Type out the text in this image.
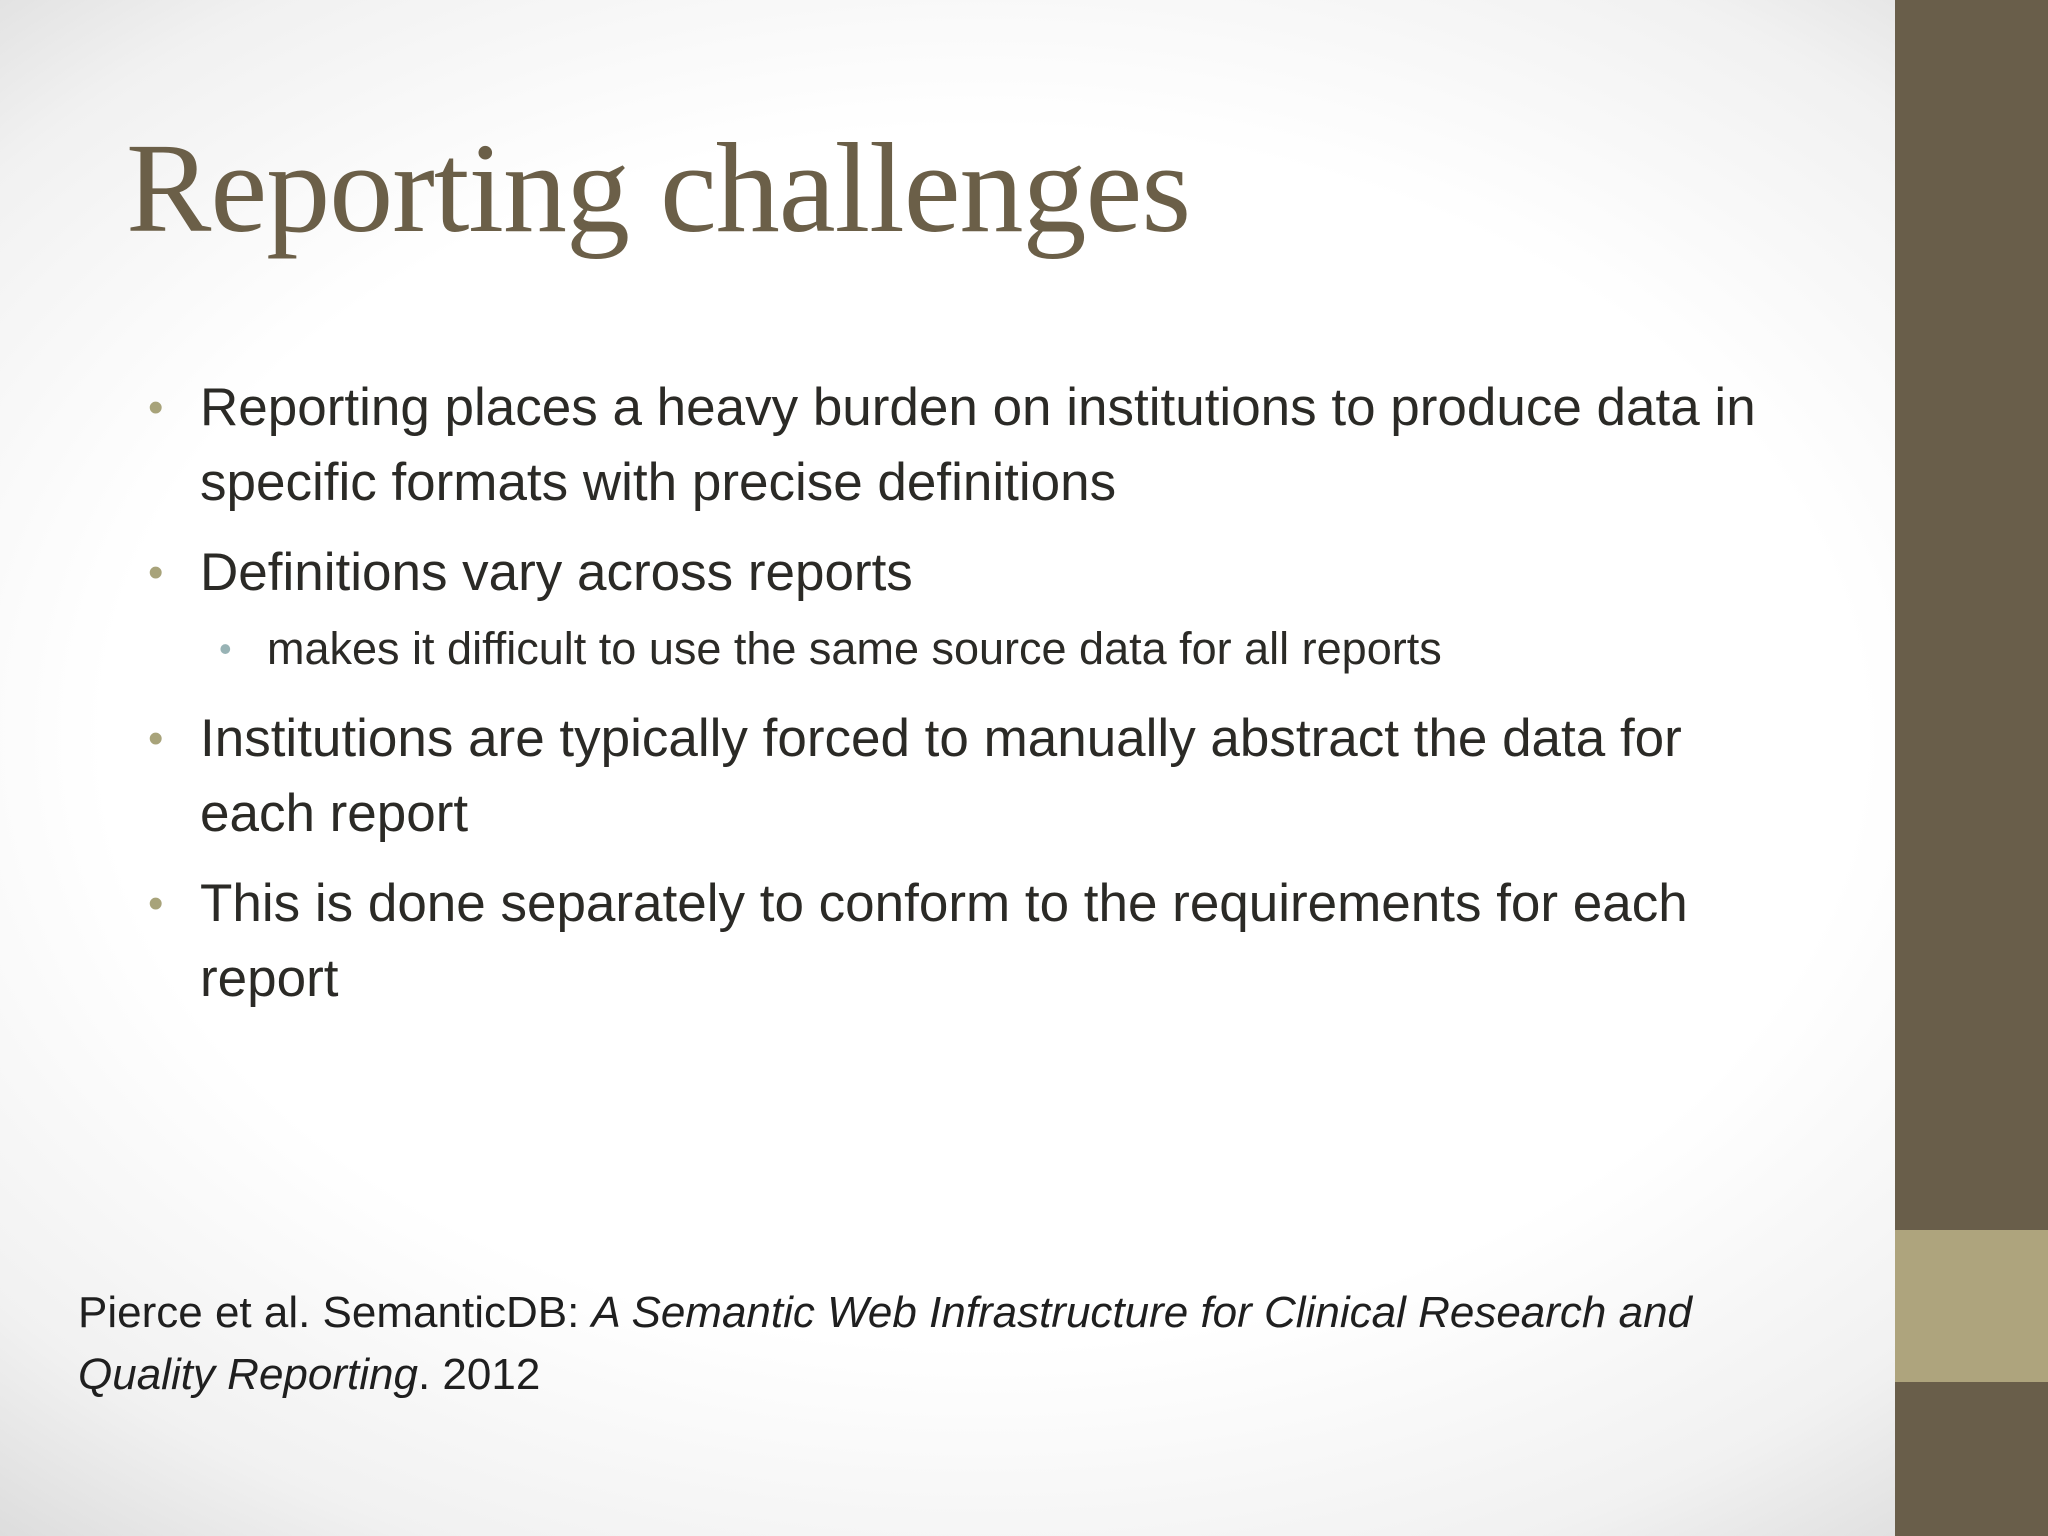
Reporting challenges
• Reporting places a heavy burden on institutions to produce data in specific formats with precise definitions
• Definitions vary across reports
• makes it difficult to use the same source data for all reports
• Institutions are typically forced to manually abstract the data for each report
• This is done separately to conform to the requirements for each report

Pierce et al. SemanticDB: A Semantic Web Infrastructure for Clinical Research and Quality Reporting. 2012
